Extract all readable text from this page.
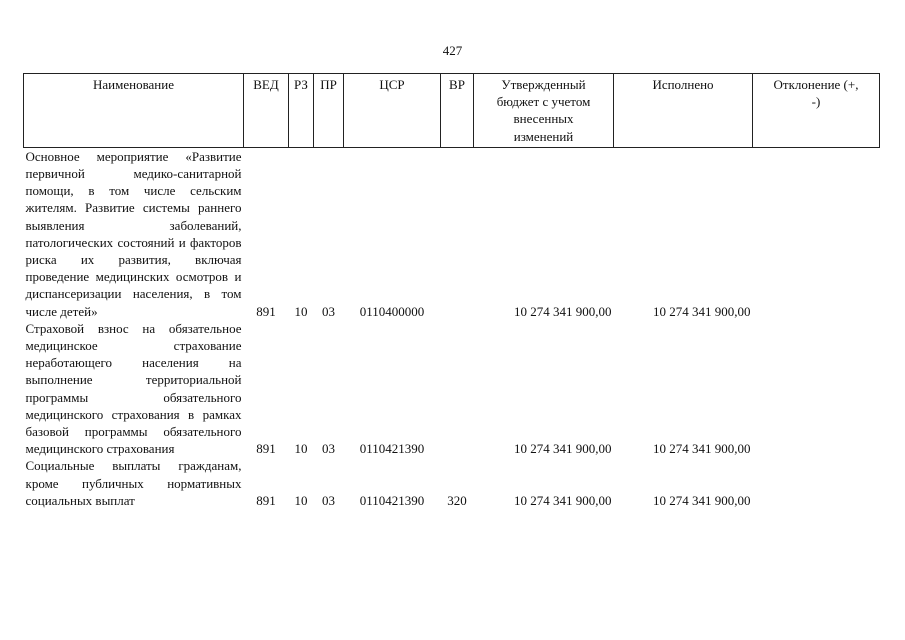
427
Наименование	ВЕД	РЗ	ПР	ЦСР	ВР	Утвержденный бюджет с учетом внесенных изменений	Исполнено	Отклонение (+, -)
Основное мероприятие «Развитие первичной медико-санитарной помощи, в том числе сельским жителям. Развитие системы раннего выявления заболеваний, патологических состояний и факторов риска их развития, включая проведение медицинских осмотров и диспансеризации населения, в том числе детей»	891	10	03	0110400000		10 274 341 900,00	10 274 341 900,00	
Страховой взнос на обязательное медицинское страхование неработающего населения на выполнение территориальной программы обязательного медицинского страхования в рамках базовой программы обязательного медицинского страхования	891	10	03	0110421390		10 274 341 900,00	10 274 341 900,00	
Социальные выплаты гражданам, кроме публичных нормативных социальных выплат	891	10	03	0110421390	320	10 274 341 900,00	10 274 341 900,00	
